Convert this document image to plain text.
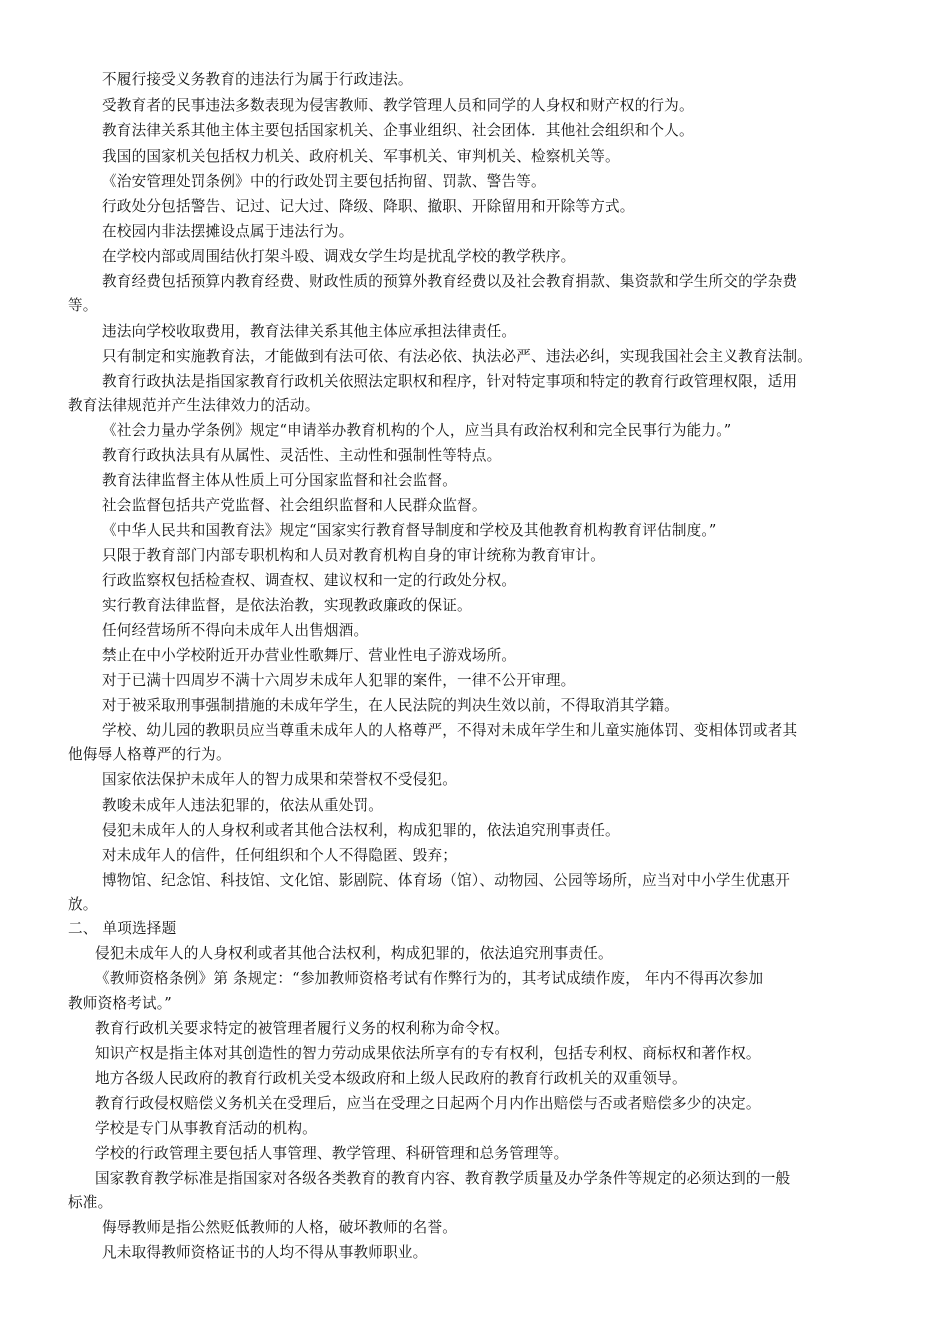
不履行接受义务教育的违法行为属于行政违法。
受教育者的民事违法多数表现为侵害教师、教学管理人员和同学的人身权和财产权的行为。
教育法律关系其他主体主要包括国家机关、企事业组织、社会团体．其他社会组织和个人。
我国的国家机关包括权力机关、政府机关、军事机关、审判机关、检察机关等。
《治安管理处罚条例》中的行政处罚主要包括拘留、罚款、警告等。
行政处分包括警告、记过、记大过、降级、降职、撤职、开除留用和开除等方式。
在校园内非法摆摊设点属于违法行为。
在学校内部或周围结伙打架斗殴、调戏女学生均是扰乱学校的教学秩序。
教育经费包括预算内教育经费、财政性质的预算外教育经费以及社会教育捐款、集资款和学生所交的学杂费
等。
违法向学校收取费用，教育法律关系其他主体应承担法律责任。
只有制定和实施教育法，才能做到有法可依、有法必依、执法必严、违法必纠，实现我国社会主义教育法制。
教育行政执法是指国家教育行政机关依照法定职权和程序，针对特定事项和特定的教育行政管理权限，适用
教育法律规范并产生法律效力的活动。
《社会力量办学条例》规定“申请举办教育机构的个人，应当具有政治权利和完全民事行为能力。”
教育行政执法具有从属性、灵活性、主动性和强制性等特点。
教育法律监督主体从性质上可分国家监督和社会监督。
社会监督包括共产党监督、社会组织监督和人民群众监督。
《中华人民共和国教育法》规定“国家实行教育督导制度和学校及其他教育机构教育评估制度。”
只限于教育部门内部专职机构和人员对教育机构自身的审计统称为教育审计。
行政监察权包括检查权、调查权、建议权和一定的行政处分权。
实行教育法律监督，是依法治教，实现教政廉政的保证。
任何经营场所不得向未成年人出售烟酒。
禁止在中小学校附近开办营业性歌舞厅、营业性电子游戏场所。
对于已满十四周岁不满十六周岁未成年人犯罪的案件，一律不公开审理。
对于被采取刑事强制措施的未成年学生，在人民法院的判决生效以前，不得取消其学籍。
学校、幼儿园的教职员应当尊重未成年人的人格尊严，不得对未成年学生和儿童实施体罚、变相体罚或者其
他侮辱人格尊严的行为。
国家依法保护未成年人的智力成果和荣誉权不受侵犯。
教唆未成年人违法犯罪的，依法从重处罚。
侵犯未成年人的人身权利或者其他合法权利，构成犯罪的，依法追究刑事责任。
对未成年人的信件，任何组织和个人不得隐匿、毁弃；
博物馆、纪念馆、科技馆、文化馆、影剧院、体育场（馆）、动物园、公园等场所，应当对中小学生优惠开
放。
二、 单项选择题
侵犯未成年人的人身权利或者其他合法权利，构成犯罪的，依法追究刑事责任。
《教师资格条例》第 条规定：“参加教师资格考试有作弊行为的，其考试成绩作废， 年内不得再次参加
教师资格考试。”
教育行政机关要求特定的被管理者履行义务的权利称为命令权。
知识产权是指主体对其创造性的智力劳动成果依法所享有的专有权利，包括专利权、商标权和著作权。
地方各级人民政府的教育行政机关受本级政府和上级人民政府的教育行政机关的双重领导。
教育行政侵权赔偿义务机关在受理后，应当在受理之日起两个月内作出赔偿与否或者赔偿多少的决定。
学校是专门从事教育活动的机构。
学校的行政管理主要包括人事管理、教学管理、科研管理和总务管理等。
国家教育教学标准是指国家对各级各类教育的教育内容、教育教学质量及办学条件等规定的必须达到的一般
标准。
侮辱教师是指公然贬低教师的人格，破坏教师的名誉。
凡未取得教师资格证书的人均不得从事教师职业。
